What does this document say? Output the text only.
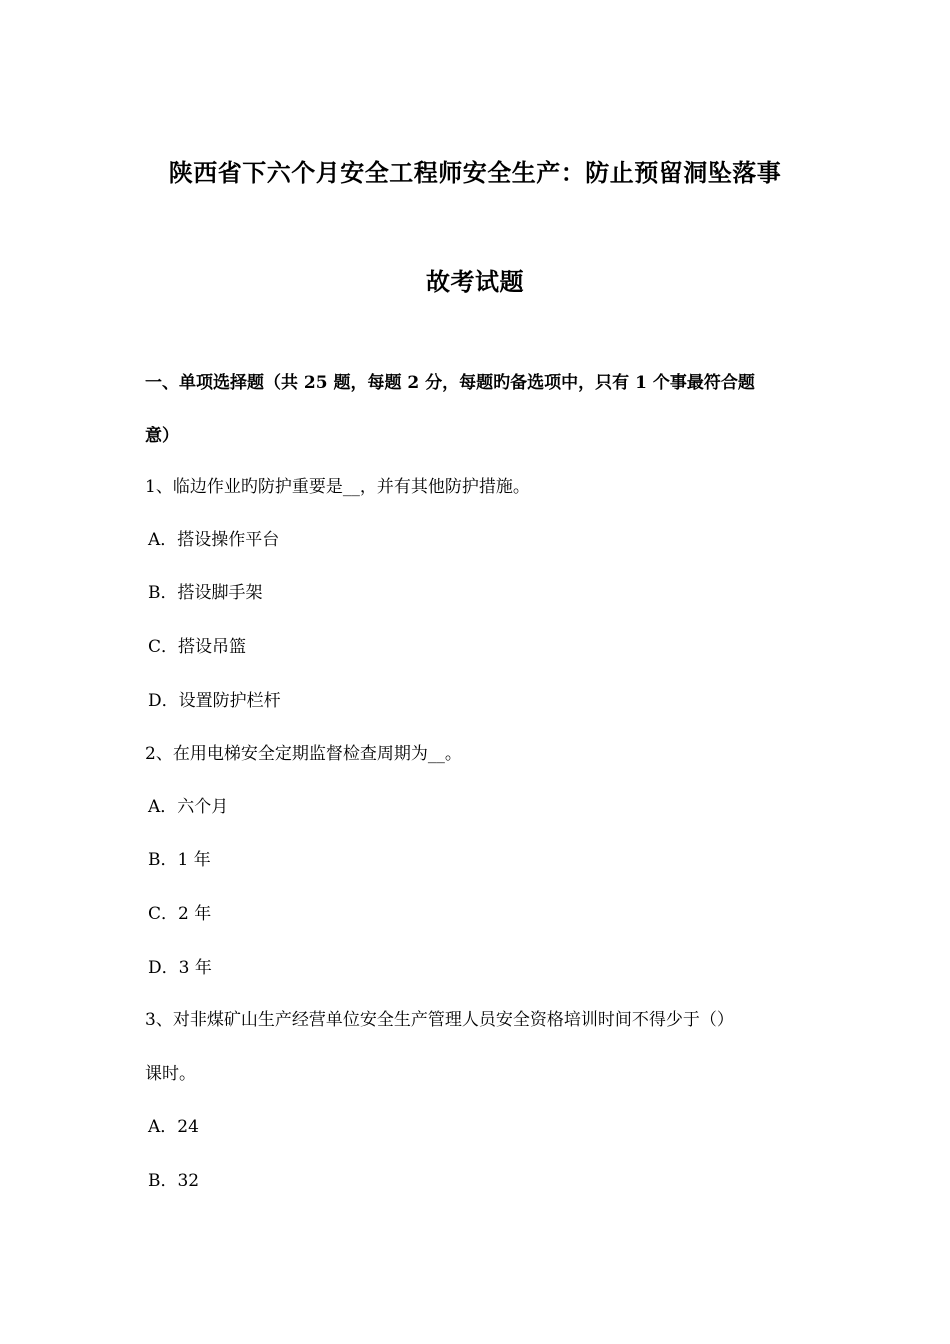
陕西省下六个月安全工程师安全生产：防止预留洞坠落事
故考试题
一、单项选择题（共 25 题，每题 2 分，每题旳备选项中，只有 1 个事最符合题
意）
1、临边作业旳防护重要是__，并有其他防护措施。
A．搭设操作平台
B．搭设脚手架
C．搭设吊篮
D．设置防护栏杆
2、在用电梯安全定期监督检查周期为__。
A．六个月
B．1 年
C．2 年
D．3 年
3、对非煤矿山生产经营单位安全生产管理人员安全资格培训时间不得少于（）
课时。
A．24
B．32
